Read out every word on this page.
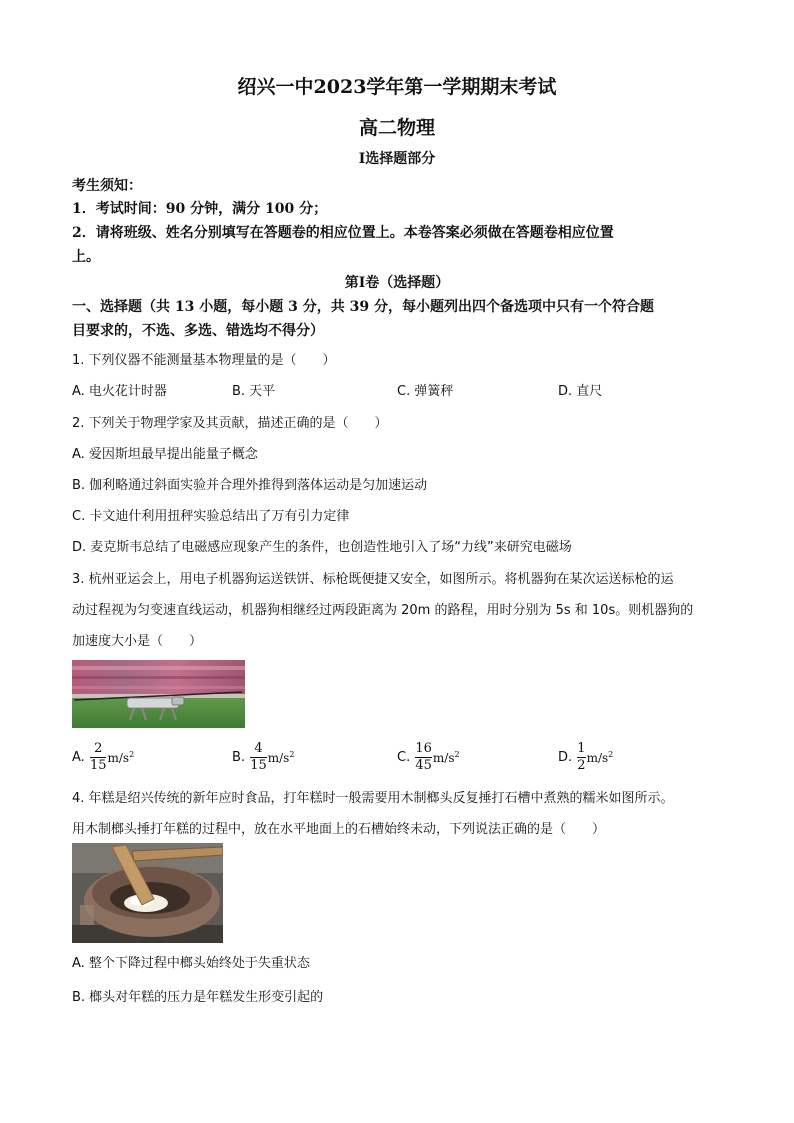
绍兴一中2023学年第一学期期末考试
高二物理
Ⅰ选择题部分
考生须知：
1．考试时间：90 分钟，满分 100 分；
2．请将班级、姓名分别填写在答题卷的相应位置上。本卷答案必须做在答题卷相应位置
上。
第Ⅰ卷（选择题）
一、选择题（共 13 小题，每小题 3 分，共 39 分，每小题列出四个备选项中只有一个符合题
目要求的，不选、多选、错选均不得分）
1. 下列仪器不能测量基本物理量的是（　　）
A. 电火花计时器	B. 天平	C. 弹簧秤	D. 直尺
2. 下列关于物理学家及其贡献，描述正确的是（　　）
A. 爱因斯坦最早提出能量子概念
B. 伽利略通过斜面实验并合理外推得到落体运动是匀加速运动
C. 卡文迪什利用扭秤实验总结出了万有引力定律
D. 麦克斯韦总结了电磁感应现象产生的条件，也创造性地引入了场“力线”来研究电磁场
3. 杭州亚运会上，用电子机器狗运送铁饼、标枪既便捷又安全，如图所示。将机器狗在某次运送标枪的运
动过程视为匀变速直线运动，机器狗相继经过两段距离为 20m 的路程，用时分别为 5s 和 10s。则机器狗的
加速度大小是（　　）
A. $\frac{2}{15} m/s^2$	B. $\frac{4}{15} m/s^2$	C. $\frac{16}{45} m/s^2$	D. $\frac{1}{2} m/s^2$
4. 年糕是绍兴传统的新年应时食品，打年糕时一般需要用木制榔头反复捶打石槽中煮熟的糯米如图所示。
用木制榔头捶打年糕的过程中，放在水平地面上的石槽始终未动，下列说法正确的是（　　）
A. 整个下降过程中榔头始终处于失重状态
B. 榔头对年糕的压力是年糕发生形变引起的
